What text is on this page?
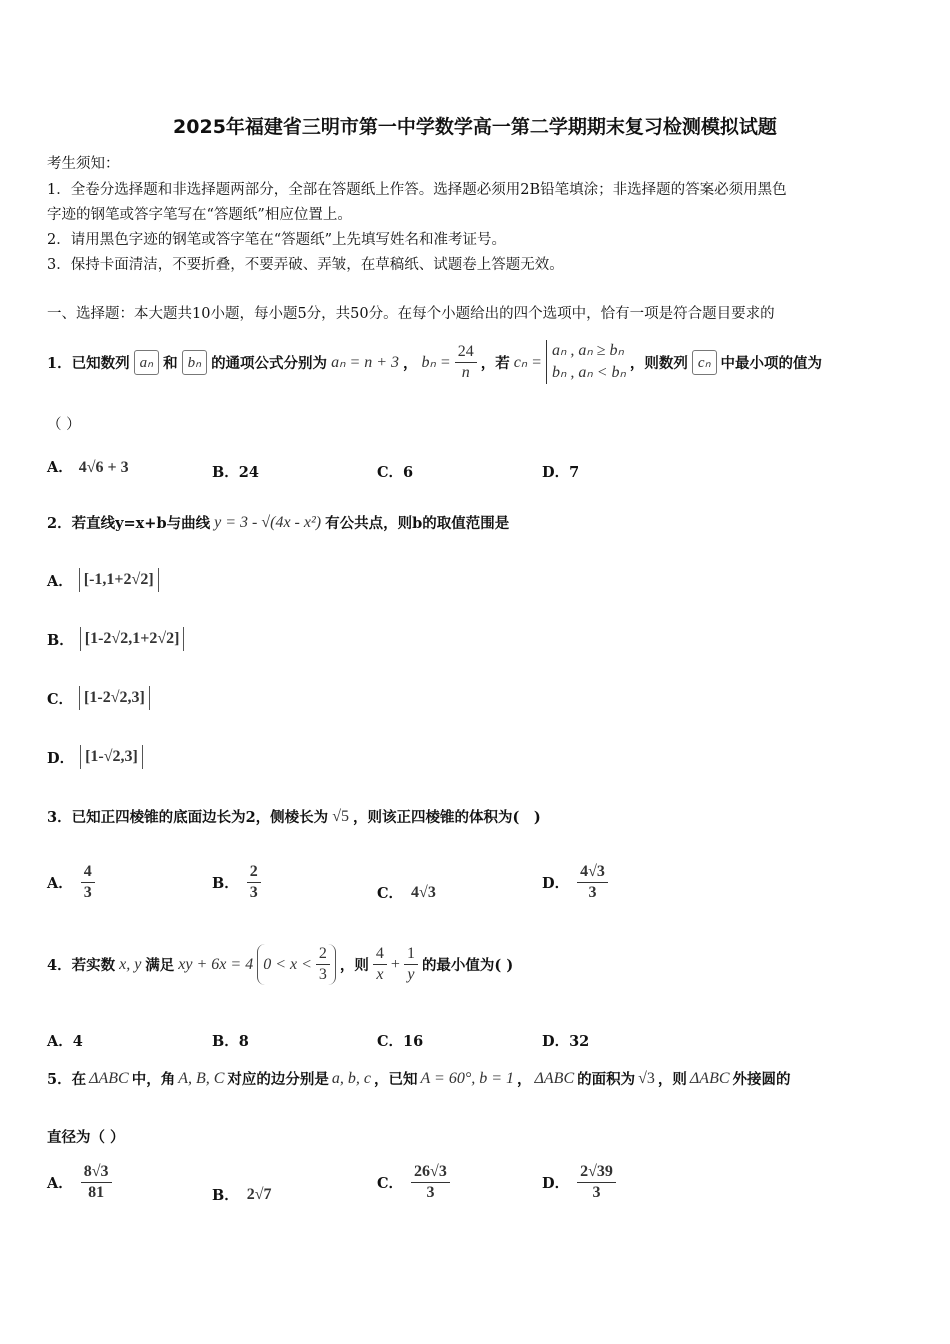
2025年福建省三明市第一中学数学高一第二学期期末复习检测模拟试题
考生须知：
1．全卷分选择题和非选择题两部分，全部在答题纸上作答。选择题必须用2B铅笔填涂；非选择题的答案必须用黑色
字迹的钢笔或答字笔写在“答题纸”相应位置上。
2．请用黑色字迹的钢笔或答字笔在“答题纸”上先填写姓名和准考证号。
3．保持卡面清洁，不要折叠，不要弄破、弄皱，在草稿纸、试题卷上答题无效。
一、选择题：本大题共10小题，每小题5分，共50分。在每个小题给出的四个选项中，恰有一项是符合题目要求的
1．已知数列 aₙ 和 bₙ 的通项公式分别为 aₙ = n + 3 ， $b_n = \frac{24}{n}$ ，若 cₙ =
aₙ , aₙ ≥ bₙ
bₙ , aₙ < bₙ
，则数列 cₙ 中最小项的值为
（ ）
A． 4√6 + 3	B．24	C．6	D．7
2．若直线y=x+b与曲线 y = 3 - √(4x - x²) 有公共点，则b的取值范围是
A． [-1,1+2√2]
B． [1-2√2,1+2√2]
C． [1-2√2,3]
D． [1-√2,3]
3．已知正四棱锥的底面边长为2，侧棱长为 √5 ，则该正四棱锥的体积为(　)
A． $\frac{4}{3}$	B． $\frac{2}{3}$	C． 4√3	D． $\frac{4√3}{3}$
4．若实数 x, y 满足 xy + 6x = 4 $0 < x < \frac{2}{3}$ ，则 $\frac{4}{x} + \frac{1}{y}$ 的最小值为( )
A．4	B．8	C．16	D．32
5．在 ΔABC 中，角 A, B, C 对应的边分别是 a, b, c ，已知 A = 60°, b = 1 ， ΔABC 的面积为 √3 ，则 ΔABC 外接圆的
直径为（ ）
A． $\frac{8√3}{81}$	B． 2√7
C． $\frac{26√3}{3}$	D． $\frac{2√39}{3}$
